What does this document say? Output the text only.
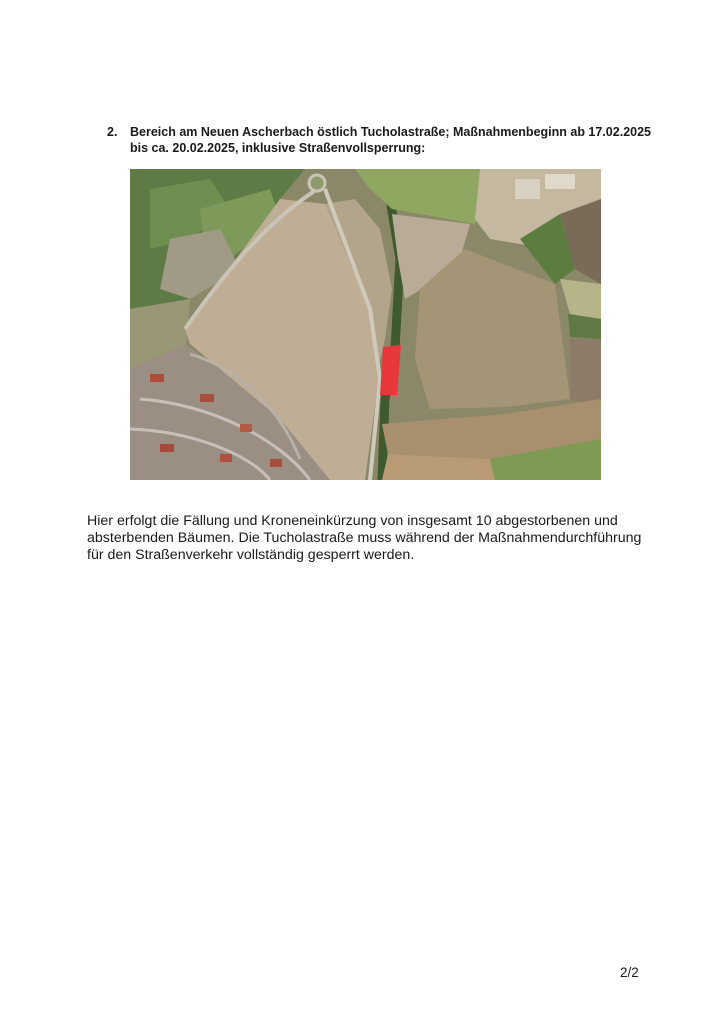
2. Bereich am Neuen Ascherbach östlich Tucholastraße; Maßnahmenbeginn ab 17.02.2025 bis ca. 20.02.2025, inklusive Straßenvollsperrung:
Hier erfolgt die Fällung und Kroneneinkürzung von insgesamt 10 abgestorbenen und absterbenden Bäumen. Die Tucholastraße muss während der Maßnahmendurchführung für den Straßenverkehr vollständig gesperrt werden.
2/2
